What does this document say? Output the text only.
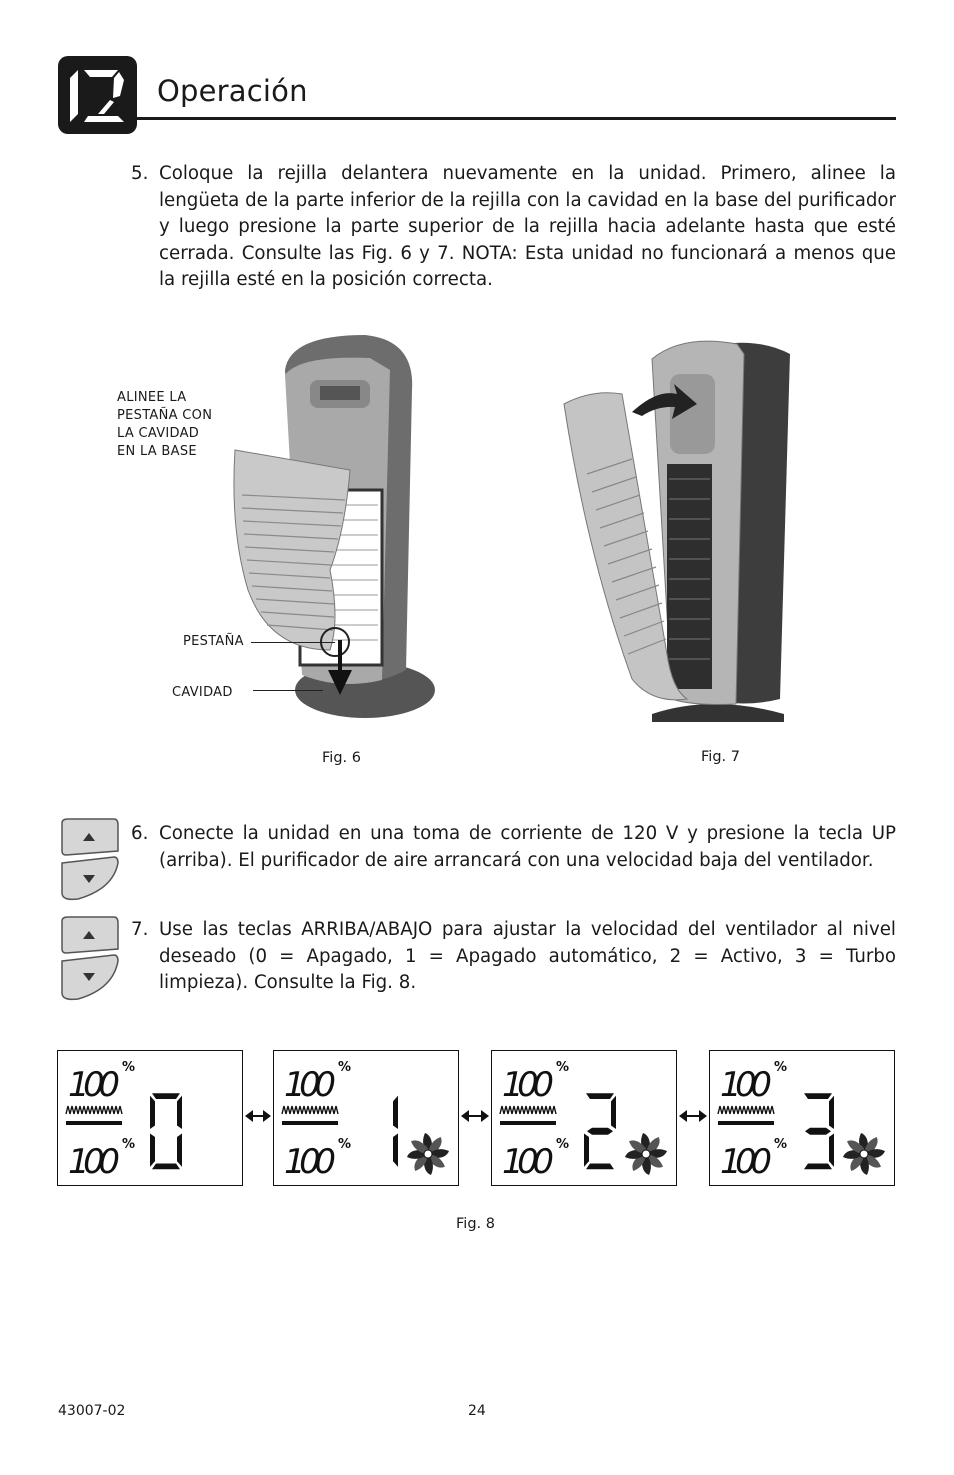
Operación
5. Coloque la rejilla delantera nuevamente en la unidad. Primero, alinee la lengüeta de la parte inferior de la rejilla con la cavidad en la base del purificador y luego presione la parte superior de la rejilla hacia adelante hasta que esté cerrada. Consulte las Fig. 6 y 7. NOTA: Esta unidad no funcionará a menos que la rejilla esté en la posición correcta.
ALINEE LA
PESTAÑA CON
LA CAVIDAD
EN LA BASE
PESTAÑA
CAVIDAD
Fig. 6	Fig. 7
6. Conecte la unidad en una toma de corriente de 120 V y presione la tecla UP (arriba). El purificador de aire arrancará con una velocidad baja del ventilador.
7. Use las teclas ARRIBA/ABAJO para ajustar la velocidad del ventilador al nivel deseado (0 = Apagado, 1 = Apagado automático, 2 = Activo, 3 = Turbo limpieza). Consulte la Fig. 8.
100 %
100 %
100 %
100 %
100 %
100 %
100 %
100 %
Fig. 8
43007-02	24
